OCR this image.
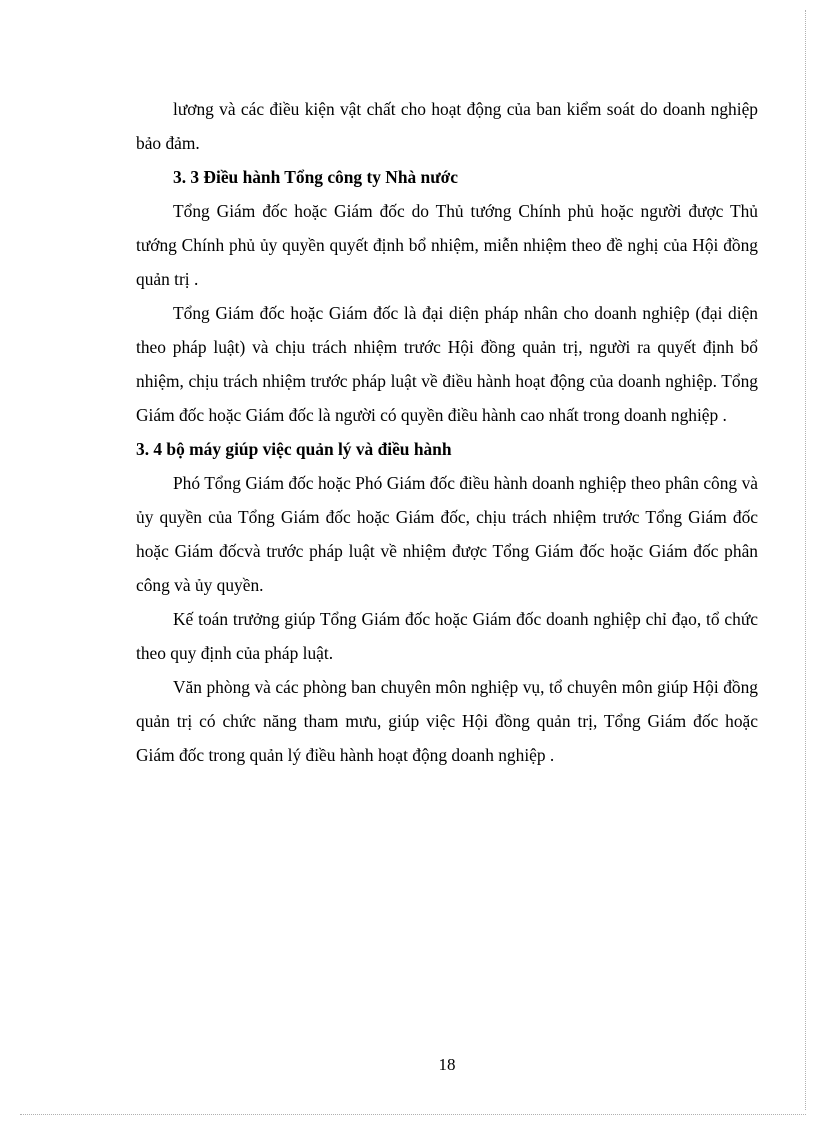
lương và các điều kiện vật chất cho hoạt động của ban kiểm soát do doanh nghiệp bảo đảm.

3. 3 Điều hành Tổng công ty Nhà nước

Tổng Giám đốc hoặc Giám đốc do Thủ tướng Chính phủ hoặc người được Thủ tướng Chính phủ ủy quyền quyết định bổ nhiệm, miễn nhiệm theo đề nghị của Hội đồng quản trị .

Tổng Giám đốc hoặc Giám đốc là đại diện pháp nhân cho doanh nghiệp (đại diện theo pháp luật) và chịu trách nhiệm trước Hội đồng quản trị, người ra quyết định bổ nhiệm, chịu trách nhiệm trước pháp luật về điều hành hoạt động của doanh nghiệp. Tổng Giám đốc hoặc Giám đốc là người có quyền điều hành cao nhất trong doanh nghiệp .

3. 4 bộ máy giúp việc quản lý và điều hành

Phó Tổng Giám đốc hoặc Phó Giám đốc điều hành doanh nghiệp theo phân công và ủy quyền của Tổng Giám đốc hoặc Giám đốc, chịu trách nhiệm trước Tổng Giám đốc hoặc Giám đốcvà trước pháp luật về nhiệm được Tổng Giám đốc hoặc Giám đốc phân công và ủy quyền.

Kế toán trưởng giúp Tổng Giám đốc hoặc Giám đốc doanh nghiệp chỉ đạo, tổ chức theo quy định của pháp luật.

Văn phòng và các phòng ban chuyên môn nghiệp vụ, tổ chuyên môn giúp Hội đồng quản trị có chức năng tham mưu, giúp việc Hội đồng quản trị, Tổng Giám đốc hoặc Giám đốc trong quản lý điều hành hoạt động doanh nghiệp .

18
